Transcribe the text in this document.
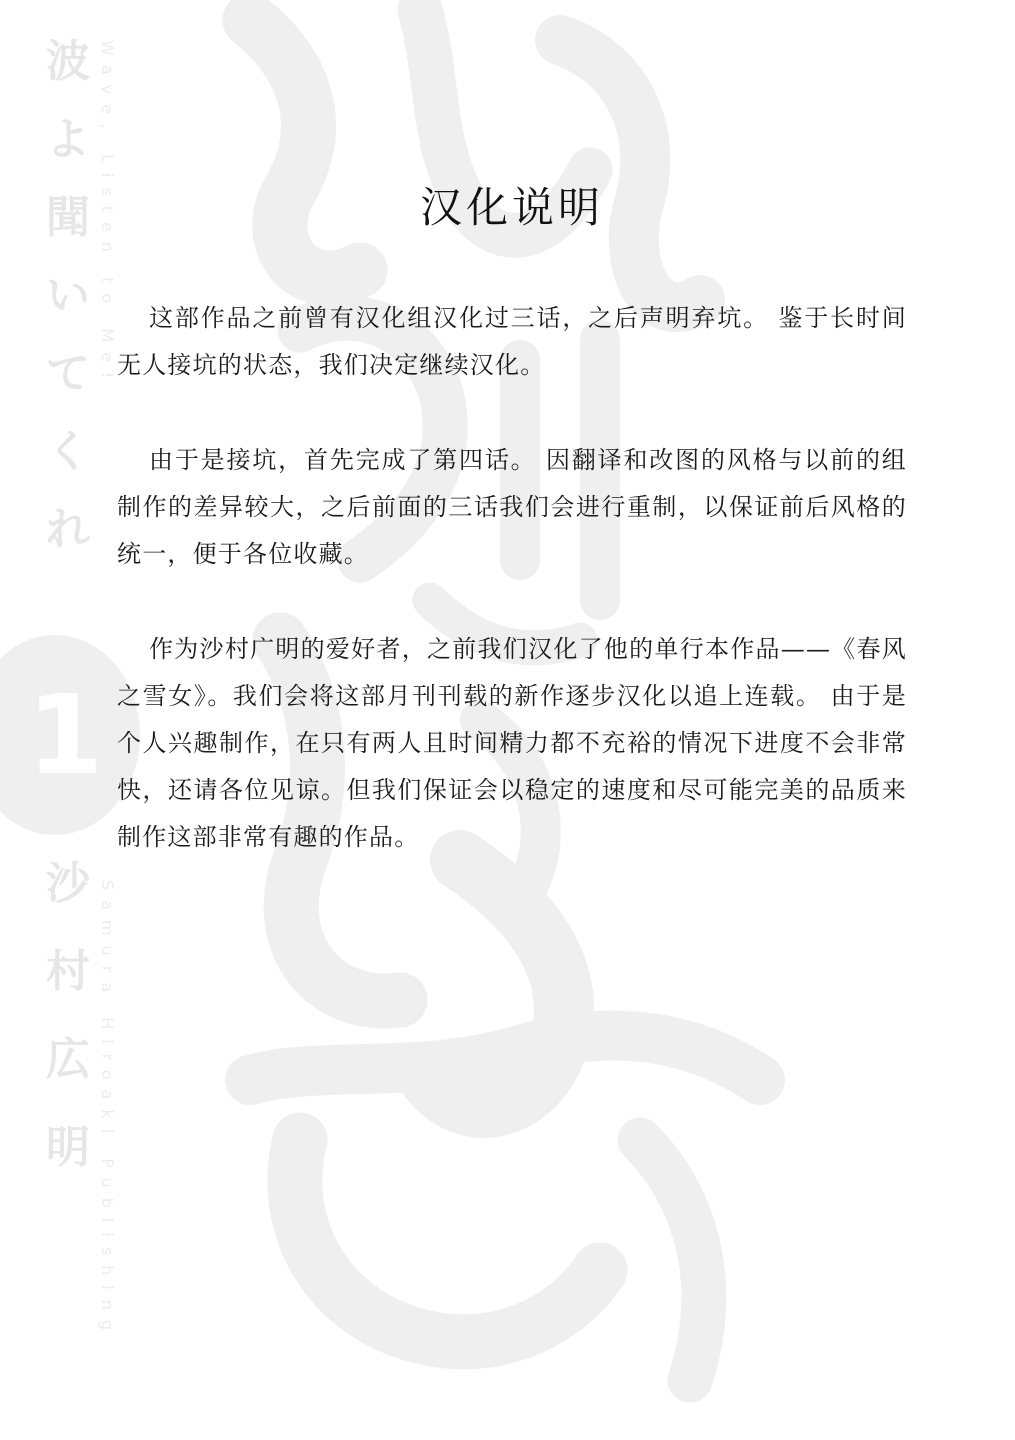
波
よ
聞
い
て
く
れ
Wave, Listen to Me!
1
沙
村
広
明 Samura Hiroaki Publishing
汉化说明

这部作品之前曾有汉化组汉化过三话，之后声明弃坑。 鉴于长时间无人接坑的状态，我们决定继续汉化。

由于是接坑，首先完成了第四话。 因翻译和改图的风格与以前的组制作的差异较大，之后前面的三话我们会进行重制，以保证前后风格的统一，便于各位收藏。

作为沙村广明的爱好者，之前我们汉化了他的单行本作品——《春风之雪女》。我们会将这部月刊刊载的新作逐步汉化以追上连载。 由于是个人兴趣制作，在只有两人且时间精力都不充裕的情况下进度不会非常快，还请各位见谅。但我们保证会以稳定的速度和尽可能完美的品质来制作这部非常有趣的作品。
